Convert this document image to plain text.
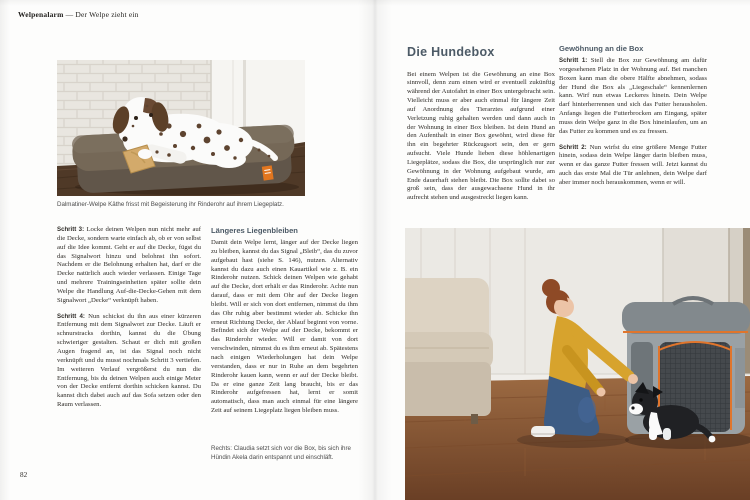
Welpenalarm — Der Welpe zieht ein
Dalmatiner-Welpe Käthe frisst mit Begeisterung ihr Rinderohr auf ihrem Liegeplatz.

Schritt 3: Locke deinen Welpen nun nicht mehr auf die Decke, sondern warte einfach ab, ob er von selbst auf die Idee kommt. Geht er auf die Decke, fügst du das Signalwort hinzu und belohnst ihn sofort. Nachdem er die Belohnung erhalten hat, darf er die Decke natürlich auch wieder verlassen. Einige Tage und mehrere Trainingseinheiten später sollte dein Welpe die Handlung Auf-die-Decke-Gehen mit dem Signalwort „Decke“ verknüpft haben.

Schritt 4: Nun schickst du ihn aus einer kürzeren Entfernung mit dem Signalwort zur Decke. Läuft er schnurstracks dorthin, kannst du die Übung schwieriger gestalten. Schaut er dich mit großen Augen fragend an, ist das Signal noch nicht verknüpft und du musst nochmals Schritt 3 vertiefen. Im weiteren Verlauf vergrößerst du nun die Entfernung, bis du deinen Welpen auch einige Meter von der Decke entfernt dorthin schicken kannst. Du kannst dich dabei auch auf das Sofa setzen oder den Raum verlassen.

Längeres Liegenbleiben

Damit dein Welpe lernt, länger auf der Decke liegen zu bleiben, kannst du das Signal „Bleib“, das du zuvor aufgebaut hast (siehe S. 146), nutzen. Alternativ kannst du dazu auch einen Kauartikel wie z. B. ein Rinderohr nutzen. Schick deinen Welpen wie gehabt auf die Decke, dort erhält er das Rinderohr. Achte nun darauf, dass er mit dem Ohr auf der Decke liegen bleibt. Will er sich von dort entfernen, nimmst du ihm das Ohr ruhig aber bestimmt wieder ab. Schicke ihn erneut Richtung Decke, der Ablauf beginnt von vorne. Befindet sich der Welpe auf der Decke, bekommt er das Rinderohr wieder. Will er damit von dort verschwinden, nimmst du es ihm erneut ab. Spätestens nach einigen Wiederholungen hat dein Welpe verstanden, dass er nur in Ruhe an dem begehrten Rinderohr kauen kann, wenn er auf der Decke bleibt. Da er eine ganze Zeit lang braucht, bis er das Rinderohr aufgefressen hat, lernt er somit automatisch, dass man auch einmal für eine längere Zeit auf seinem Liegeplatz liegen bleiben muss.

Rechts: Claudia setzt sich vor die Box, bis sich ihre Hündin Akela darin entspannt und einschläft.
82
Die Hundebox

Bei einem Welpen ist die Gewöhnung an eine Box sinnvoll, denn zum einen wird er eventuell zukünftig während der Autofahrt in einer Box untergebracht sein. Vielleicht muss er aber auch einmal für längere Zeit auf Anordnung des Tierarztes aufgrund einer Verletzung ruhig gehalten werden und dann auch in der Wohnung in einer Box bleiben. Ist dein Hund an den Aufenthalt in einer Box gewöhnt, wird diese für ihn ein begehrter Rückzugsort sein, den er gern aufsucht. Viele Hunde lieben diese höhlenartigen Liegeplätze, sodass die Box, die ursprünglich nur zur Gewöhnung in der Wohnung aufgebaut wurde, am Ende dauerhaft stehen bleibt. Die Box sollte dabei so groß sein, dass der ausgewachsene Hund in ihr aufrecht stehen und ausgestreckt liegen kann.

Gewöhnung an die Box

Schritt 1: Stell die Box zur Gewöhnung am dafür vorgesehenen Platz in der Wohnung auf. Bei manchen Boxen kann man die obere Hälfte abnehmen, sodass der Hund die Box als „Liegeschale“ kennenlernen kann. Wirf nun etwas Leckeres hinein. Dein Welpe darf hinterherrennen und sich das Futter herausholen. Anfangs liegen die Futterbrocken am Eingang, später muss dein Welpe ganz in die Box hineinlaufen, um an das Futter zu kommen und es zu fressen.

Schritt 2: Nun wirfst du eine größere Menge Futter hinein, sodass dein Welpe länger darin bleiben muss, wenn er das ganze Futter fressen will. Jetzt kannst du auch das erste Mal die Tür anlehnen, dein Welpe darf aber immer noch herauskommen, wenn er will.
